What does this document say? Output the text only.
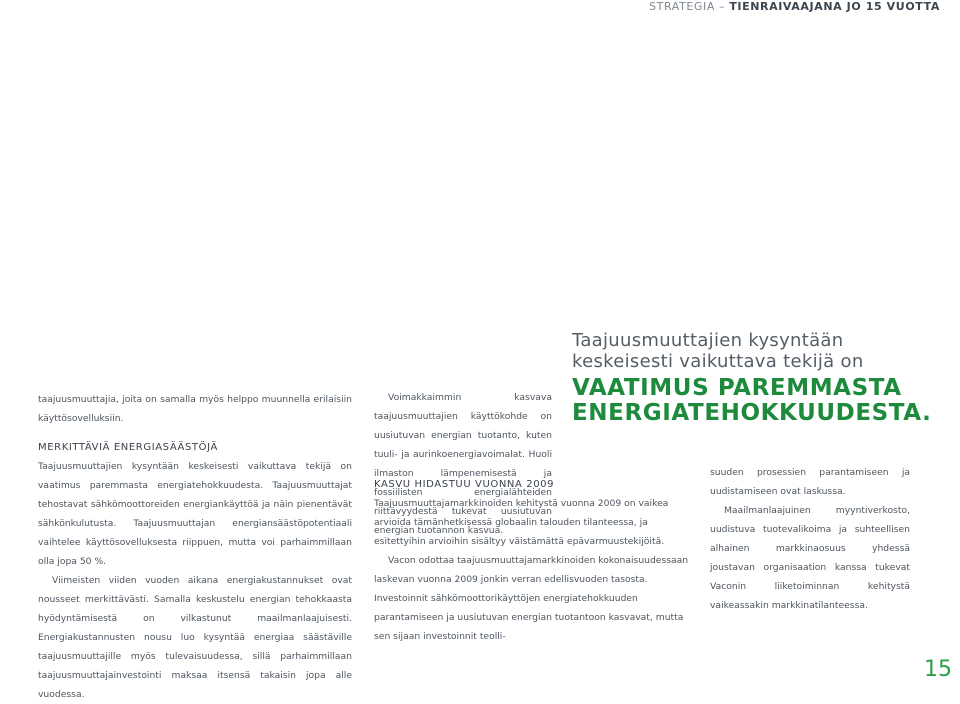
STRATEGIA – TIENRAIVAAJANA JO 15 VUOTTA

taajuusmuuttajia, joita on samalla myös helppo muunnella erilaisiin käyttösovelluksiin.

MERKITTÄVIÄ ENERGIASÄÄSTÖJÄ

Taajuusmuuttajien kysyntään keskeisesti vaikuttava tekijä on vaatimus paremmasta energiatehokkuudesta. Taajuusmuuttajat tehostavat sähkömoottoreiden energiankäyttöä ja näin pienentävät sähkönkulutusta. Taajuusmuuttajan energiansäästöpotentiaali vaihtelee käyttösovelluksesta riippuen, mutta voi parhaimmillaan olla jopa 50 %.

Viimeisten viiden vuoden aikana energiakustannukset ovat nousseet merkittävästi. Samalla keskustelu energian tehokkaasta hyödyntämisestä on vilkastunut maailmanlaajuisesti. Energiakustannusten nousu luo kysyntää energiaa säästäville taajuusmuuttajille myös tulevaisuudessa, sillä parhaimmillaan taajuusmuuttajainvestointi maksaa itsensä takaisin jopa alle vuodessa.

Voimakkaimmin kasvava taajuusmuuttajien käyttökohde on uusiutuvan energian tuotanto, kuten tuuli- ja aurinkoenergiavoimalat. Huoli ilmaston lämpenemisestä ja fossiilisten energialähteiden riittävyydestä tukevat uusiutuvan energian tuotannon kasvua.

KASVU HIDASTUU VUONNA 2009

Taajuusmuuttajamarkkinoiden kehitystä vuonna 2009 on vaikea arvioida tämänhetkisessä globaalin talouden tilanteessa, ja esitettyihin arvioihin sisältyy väistämättä epävarmuustekijöitä.

Vacon odottaa taajuusmuuttajamarkkinoiden kokonaisuudessaan laskevan vuonna 2009 jonkin verran edellisvuoden tasosta. Investoinnit sähkömoottorikäyttöjen energiatehokkuuden parantamiseen ja uusiutuvan energian tuotantoon kasvavat, mutta sen sijaan investoinnit teolli-

suuden prosessien parantamiseen ja uudistamiseen ovat laskussa.

Maailmanlaajuinen myyntiverkosto, uudistuva tuotevalikoima ja suhteellisen alhainen markkinaosuus yhdessä joustavan organisaation kanssa tukevat Vaconin liiketoiminnan kehitystä vaikeassakin markkinatilanteessa.

Taajuusmuuttajien kysyntään keskeisesti vaikuttava tekijä on
VAATIMUS PAREMMASTA
ENERGIATEHOKKUUDESTA.
15
